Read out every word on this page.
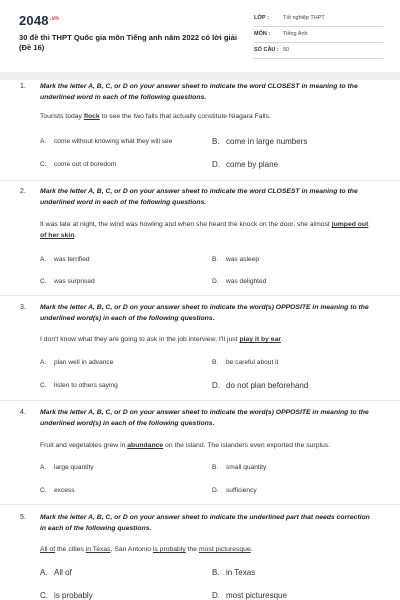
$2048^{.vn}$
30 đề thi THPT Quốc gia môn Tiếng anh năm 2022 có lời giải (Đề 16)
LỚP :	Tốt nghiệp THPT
MÔN : Tiếng Anh
SỐ CÂU : 50
1. Mark the letter A, B, C, or D on your answer sheet to indicate the word CLOSEST in meaning to the underlined word in each of the following questions.
Tourists today flock to see the two falls that actually constitute Niagara Falls.
A. come without knowing what they will see	B. come in large numbers
C. come out of boredom	D. come by plane
2. Mark the letter A, B, C, or D on your answer sheet to indicate the word CLOSEST in meaning to the underlined word in each of the following questions.
It was late at night, the wind was howling and when she heard the knock on the door, she almost jumped out of her skin.
A. was terrified	B. was asleep
C. was surprised	D. was delighted
3. Mark the letter A, B, C, or D on your answer sheet to indicate the word(s) OPPOSITE in meaning to the underlined word(s) in each of the following questions.
I don't know what they are going to ask in the job interview. I'll just play it by ear.
A. plan well in advance	B. be careful about it
C. listen to others saying	D. do not plan beforehand
4. Mark the letter A, B, C, or D on your answer sheet to indicate the word(s) OPPOSITE in meaning to the underlined word(s) in each of the following questions.
Fruit and vegetables grew in abundance on the island. The islanders even exported the surplus.
A. large quantity	B. small quantity
C. excess	D. sufficiency
5. Mark the letter A, B, C, or D on your answer sheet to indicate the underlined part that needs correction in each of the following questions.
All of the cities in Texas, San Antonio is probably the most picturesque.
A. All of	B. in Texas
C. is probably	D. most picturesque
